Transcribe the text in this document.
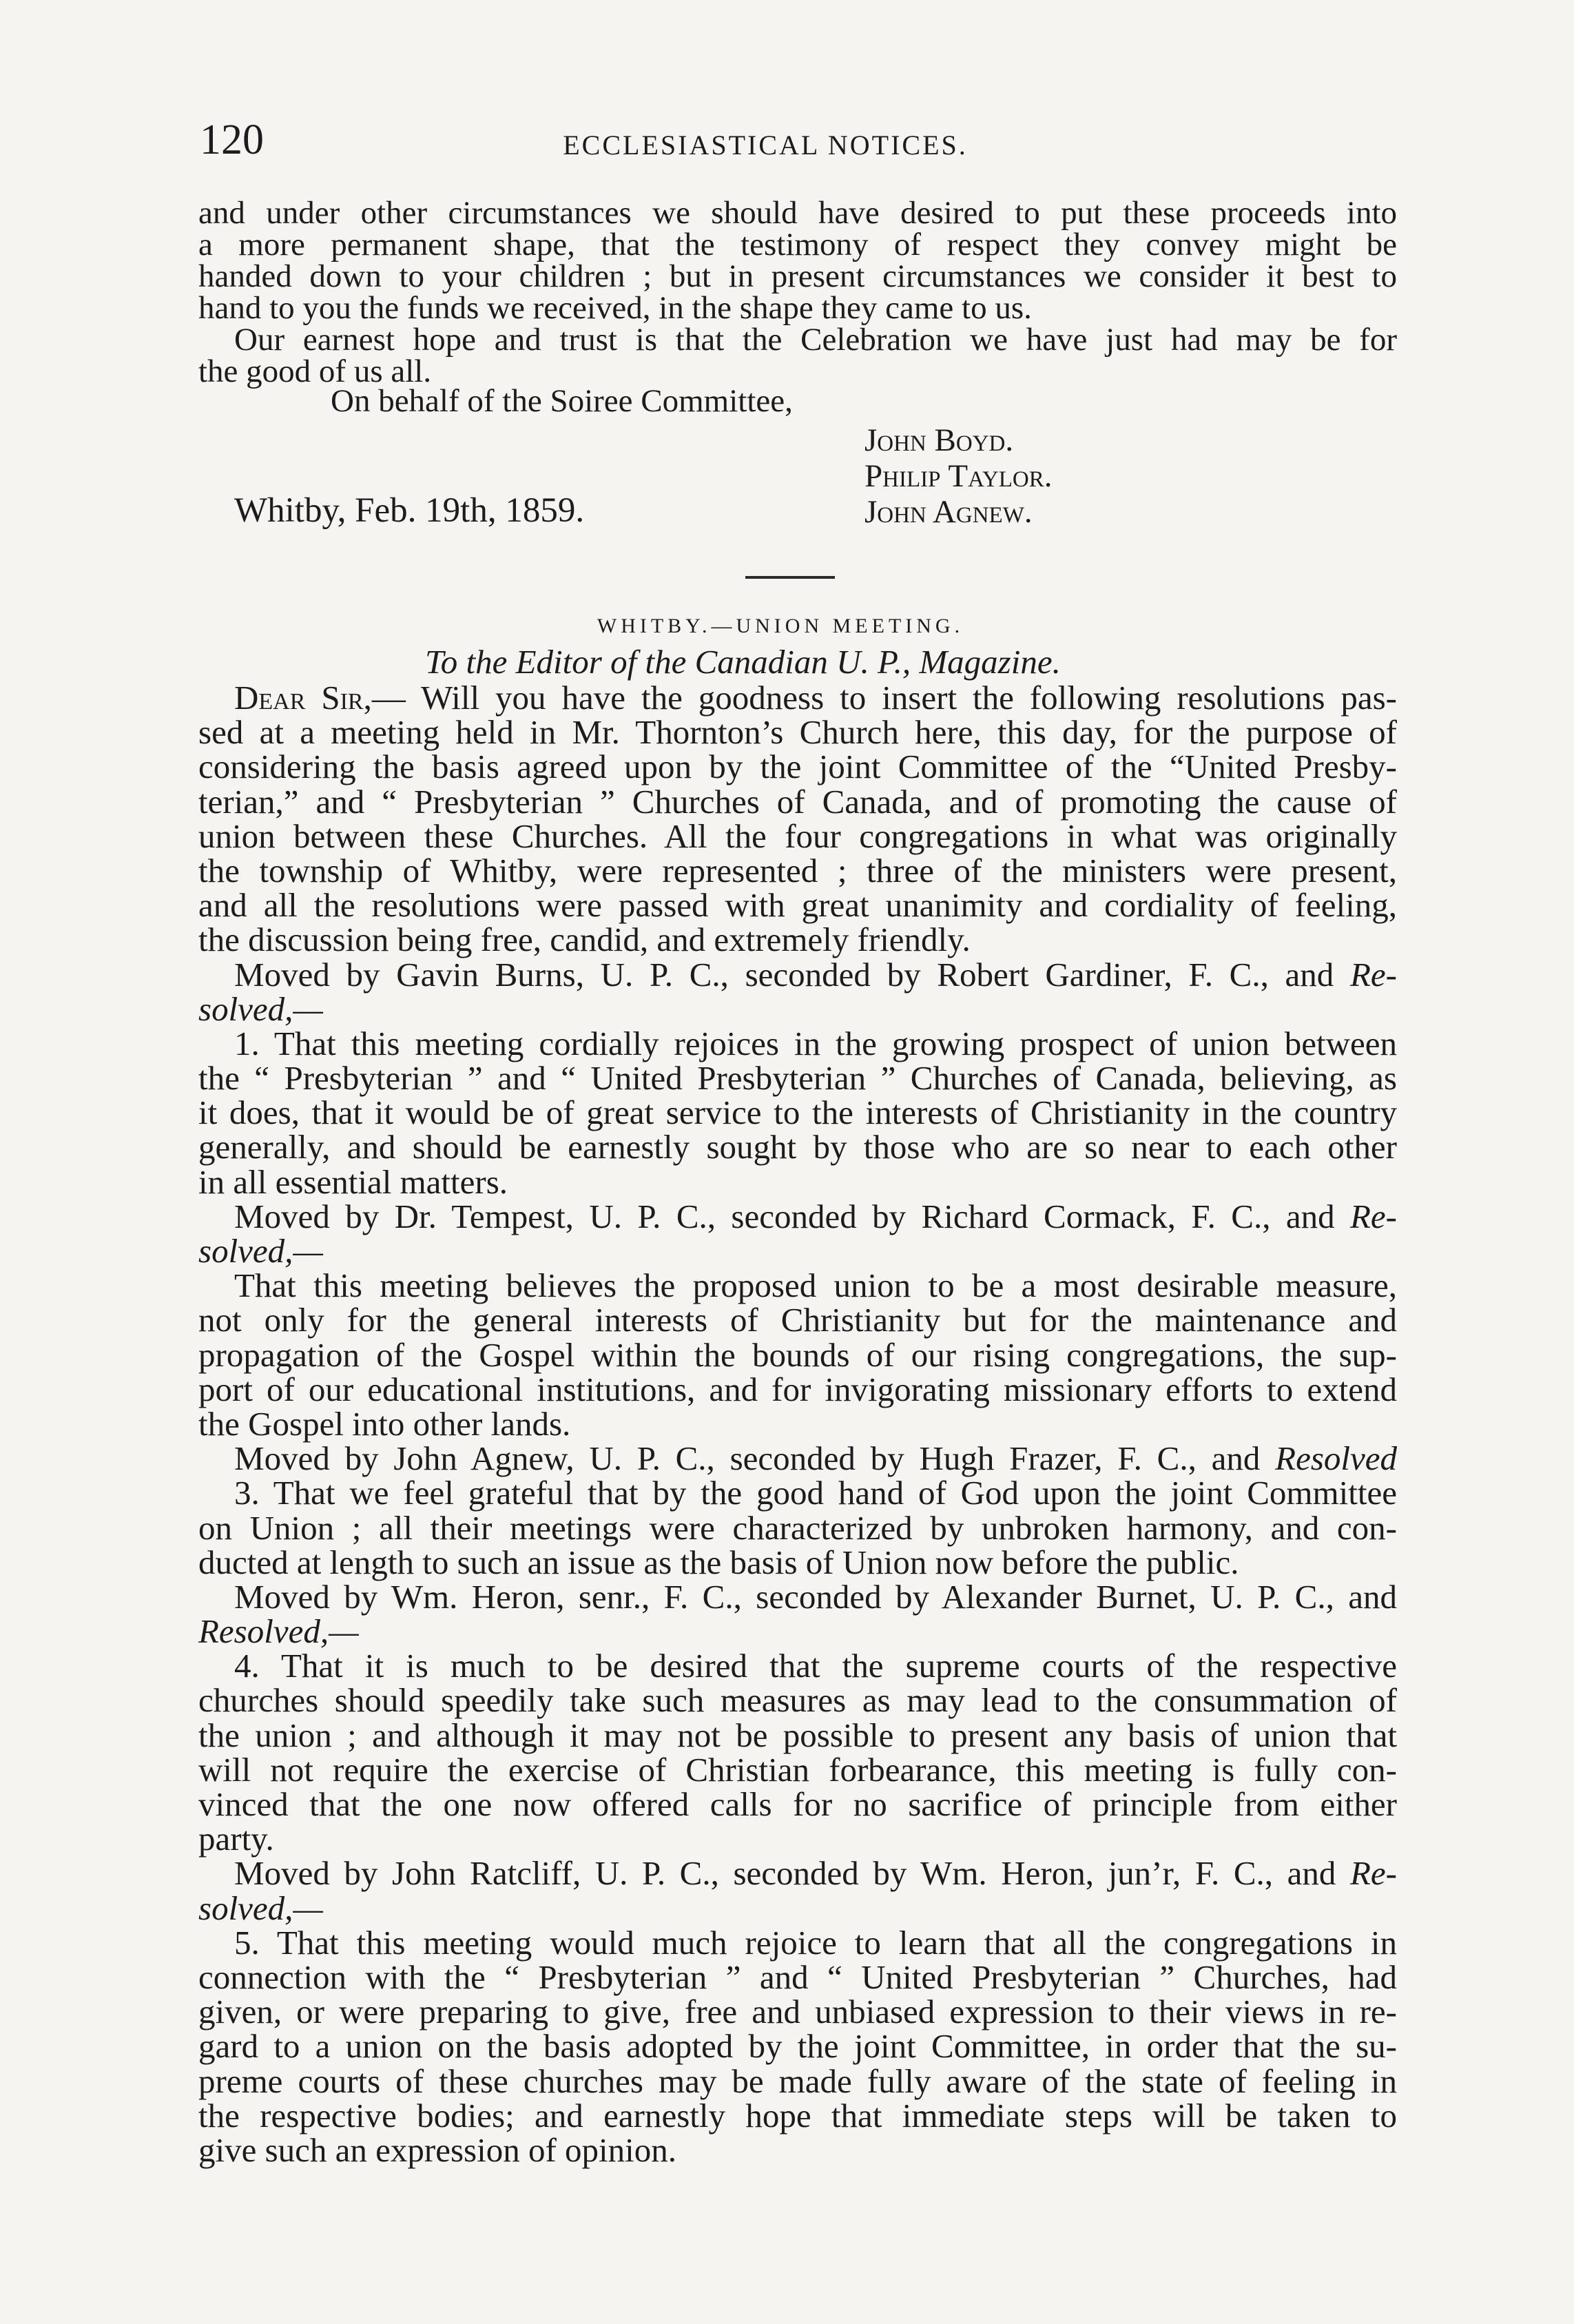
120	ECCLESIASTICAL NOTICES.
and under other circumstances we should have desired to put these proceeds into
a more permanent shape, that the testimony of respect they convey might be
handed down to your children ; but in present circumstances we consider it best to
hand to you the funds we received, in the shape they came to us.
Our earnest hope and trust is that the Celebration we have just had may be for
the good of us all.
On behalf of the Soiree Committee,
John Boyd.
Philip Taylor.
Whitby, Feb. 19th, 1859.	John Agnew.
WHITBY.—UNION MEETING.
To the Editor of the Canadian U. P., Magazine.
Dear Sir,— Will you have the goodness to insert the following resolutions pas-
sed at a meeting held in Mr. Thornton’s Church here, this day, for the purpose of
considering the basis agreed upon by the joint Committee of the “United Presby-
terian,” and “ Presbyterian ” Churches of Canada, and of promoting the cause of
union between these Churches. All the four congregations in what was originally
the township of Whitby, were represented ; three of the ministers were present,
and all the resolutions were passed with great unanimity and cordiality of feeling,
the discussion being free, candid, and extremely friendly.
Moved by Gavin Burns, U. P. C., seconded by Robert Gardiner, F. C., and Re-
solved,—
1. That this meeting cordially rejoices in the growing prospect of union between
the “ Presbyterian ” and “ United Presbyterian ” Churches of Canada, believing, as
it does, that it would be of great service to the interests of Christianity in the country
generally, and should be earnestly sought by those who are so near to each other
in all essential matters.
Moved by Dr. Tempest, U. P. C., seconded by Richard Cormack, F. C., and Re-
solved,—
That this meeting believes the proposed union to be a most desirable measure,
not only for the general interests of Christianity but for the maintenance and
propagation of the Gospel within the bounds of our rising congregations, the sup-
port of our educational institutions, and for invigorating missionary efforts to extend
the Gospel into other lands.
Moved by John Agnew, U. P. C., seconded by Hugh Frazer, F. C., and Resolved
3. That we feel grateful that by the good hand of God upon the joint Committee
on Union ; all their meetings were characterized by unbroken harmony, and con-
ducted at length to such an issue as the basis of Union now before the public.
Moved by Wm. Heron, senr., F. C., seconded by Alexander Burnet, U. P. C., and
Resolved,—
4. That it is much to be desired that the supreme courts of the respective
churches should speedily take such measures as may lead to the consummation of
the union ; and although it may not be possible to present any basis of union that
will not require the exercise of Christian forbearance, this meeting is fully con-
vinced that the one now offered calls for no sacrifice of principle from either
party.
Moved by John Ratcliff, U. P. C., seconded by Wm. Heron, jun’r, F. C., and Re-
solved,—
5. That this meeting would much rejoice to learn that all the congregations in
connection with the “ Presbyterian ” and “ United Presbyterian ” Churches, had
given, or were preparing to give, free and unbiased expression to their views in re-
gard to a union on the basis adopted by the joint Committee, in order that the su-
preme courts of these churches may be made fully aware of the state of feeling in
the respective bodies; and earnestly hope that immediate steps will be taken to
give such an expression of opinion.
